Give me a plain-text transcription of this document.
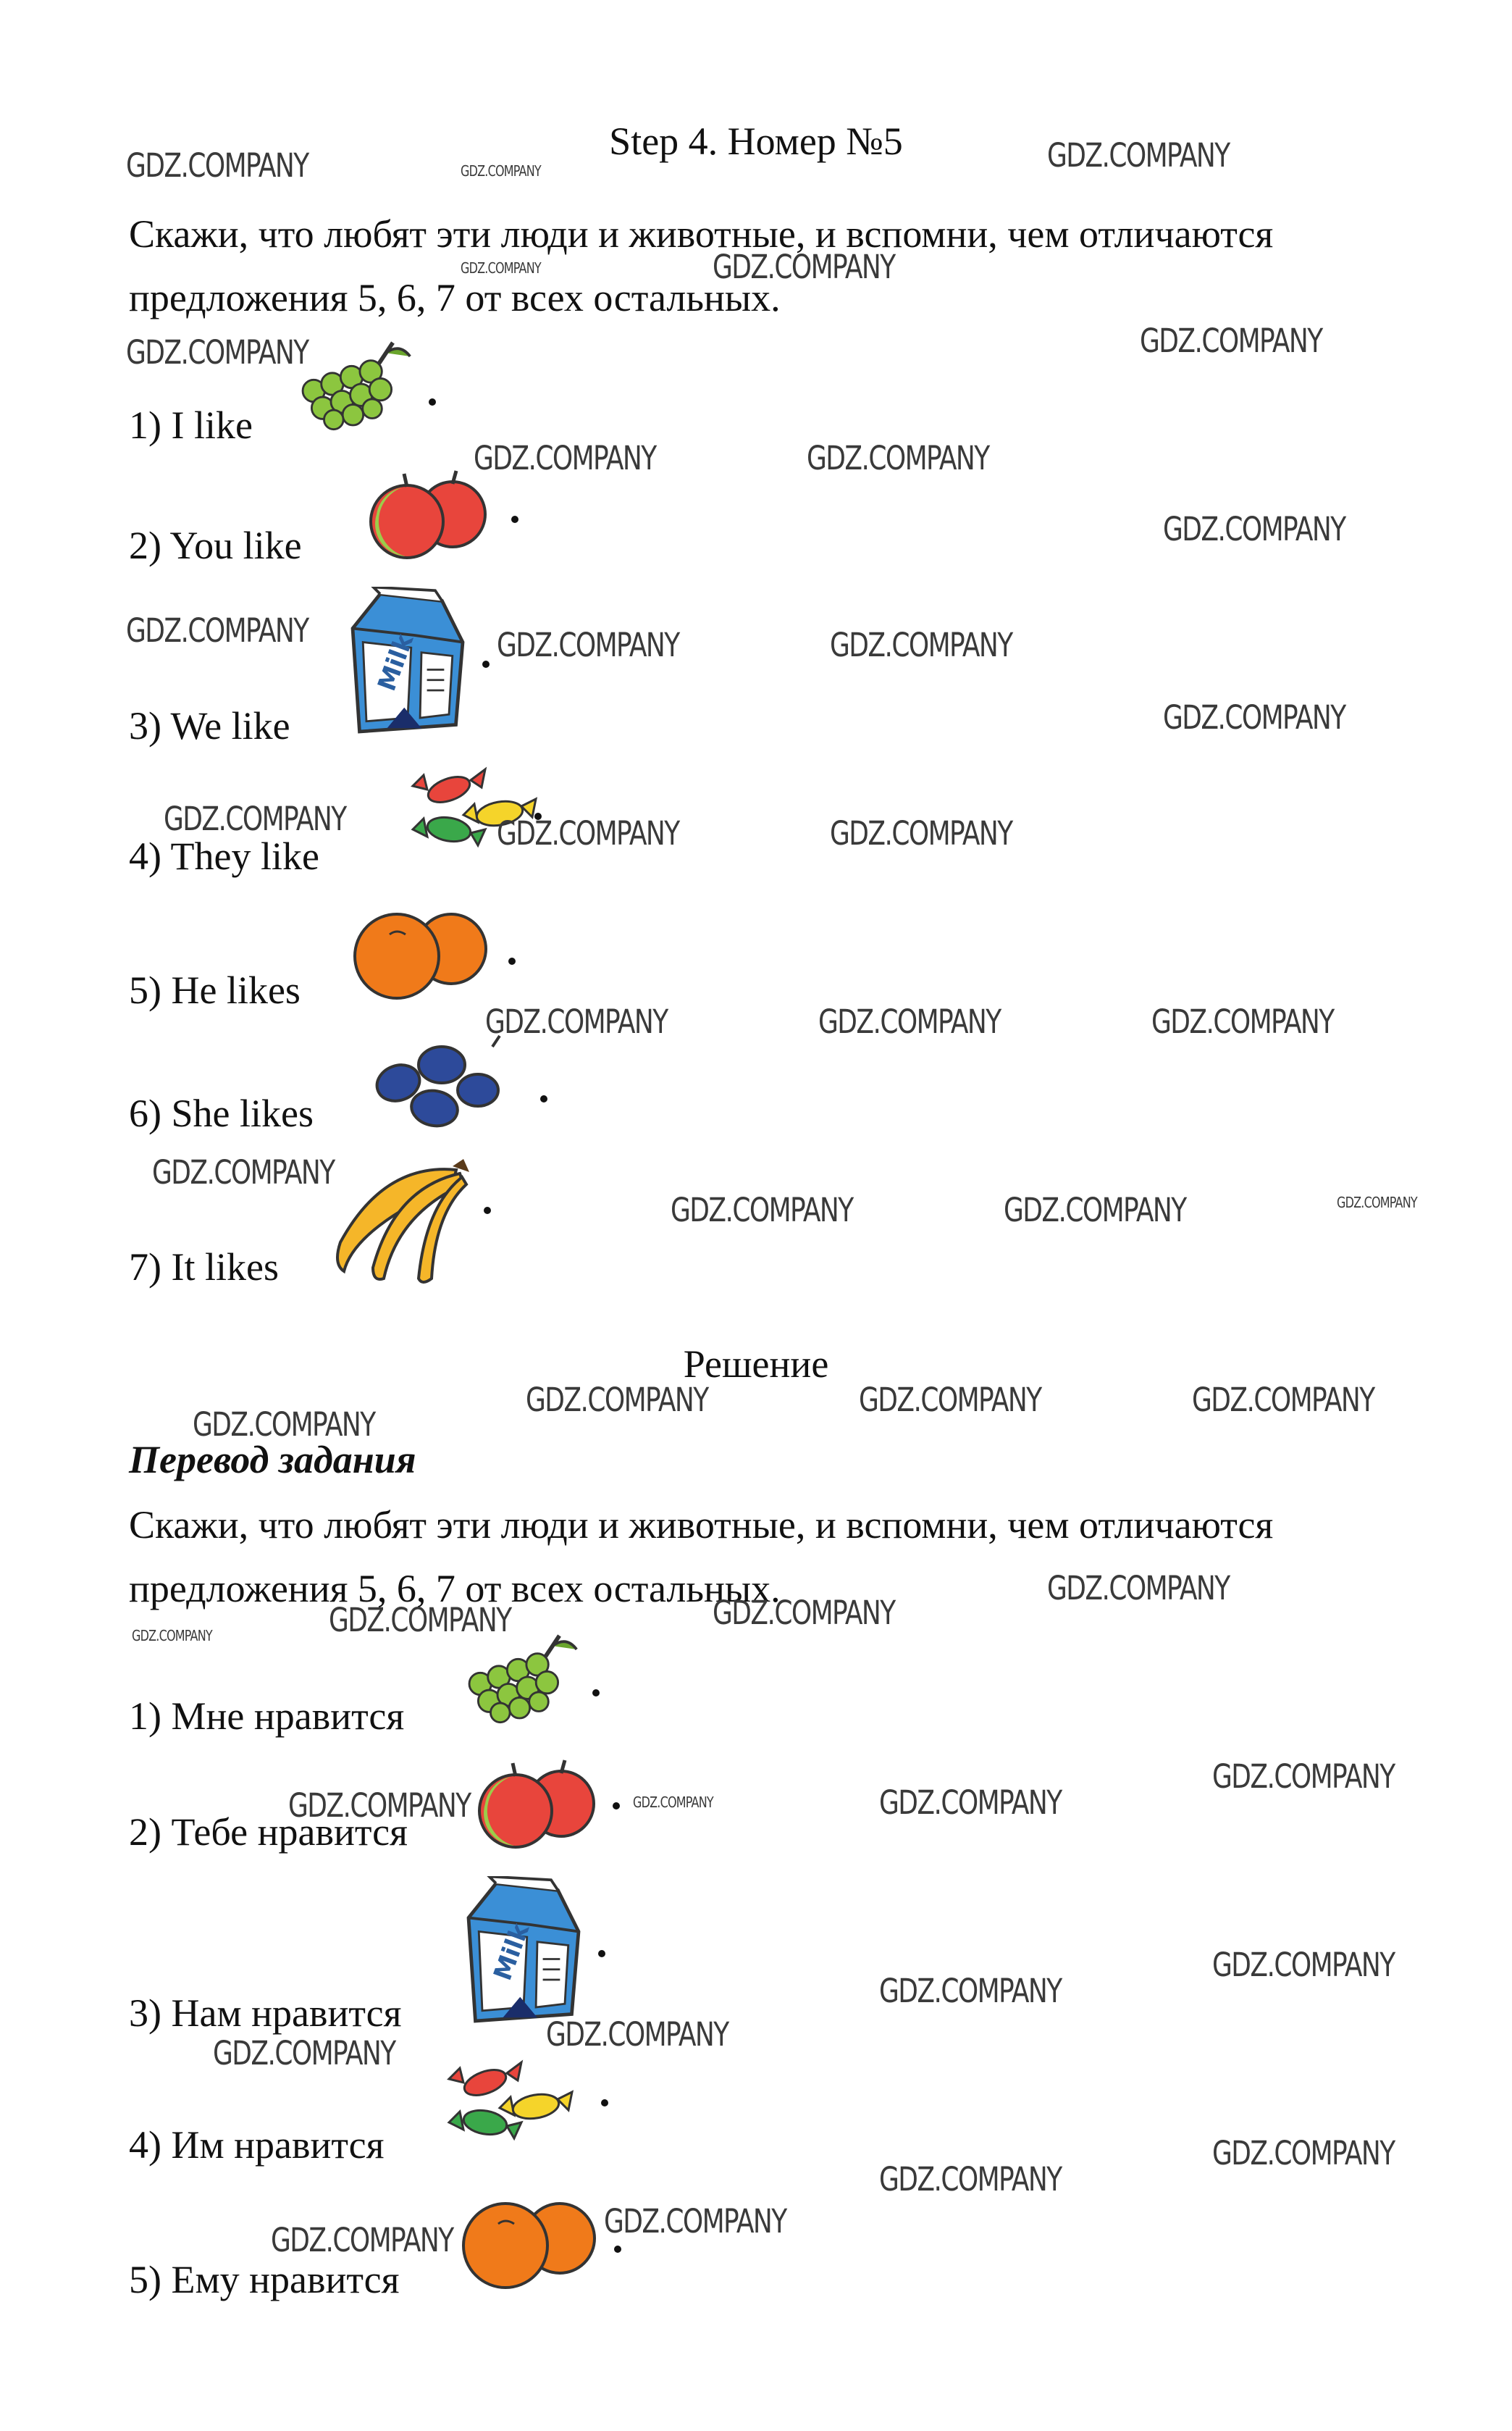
Step 4. Номер №5
Скажи, что любят эти люди и животные, и вспомни, чем отличаются
предложения 5, 6, 7 от всех остальных.
1) I like
2) You like
3) We like
4) They like
5) He likes
6) She likes
7) It likes
Решение
Перевод задания
Скажи, что любят эти люди и животные, и вспомни, чем отличаются
предложения 5, 6, 7 от всех остальных.
1) Мне нравится
2) Тебе нравится
3) Нам нравится
4) Им нравится
5) Ему нравится
GDZ.COMPANY	GDZ.COMPANY	GDZ.COMPANY
GDZ.COMPANY	GDZ.COMPANY
GDZ.COMPANY	GDZ.COMPANY
GDZ.COMPANY	GDZ.COMPANY
GDZ.COMPANY
GDZ.COMPANY	GDZ.COMPANY	GDZ.COMPANY
GDZ.COMPANY
GDZ.COMPANY	GDZ.COMPANY	GDZ.COMPANY
GDZ.COMPANY	GDZ.COMPANY	GDZ.COMPANY
GDZ.COMPANY
GDZ.COMPANY	GDZ.COMPANY	GDZ.COMPANY
GDZ.COMPANY	GDZ.COMPANY	GDZ.COMPANY
GDZ.COMPANY
GDZ.COMPANY
GDZ.COMPANY	GDZ.COMPANY	GDZ.COMPANY
GDZ.COMPANY
GDZ.COMPANY	GDZ.COMPANY	GDZ.COMPANY
GDZ.COMPANY
GDZ.COMPANY
GDZ.COMPANY
GDZ.COMPANY
GDZ.COMPANY
GDZ.COMPANY
GDZ.COMPANY
GDZ.COMPANY
